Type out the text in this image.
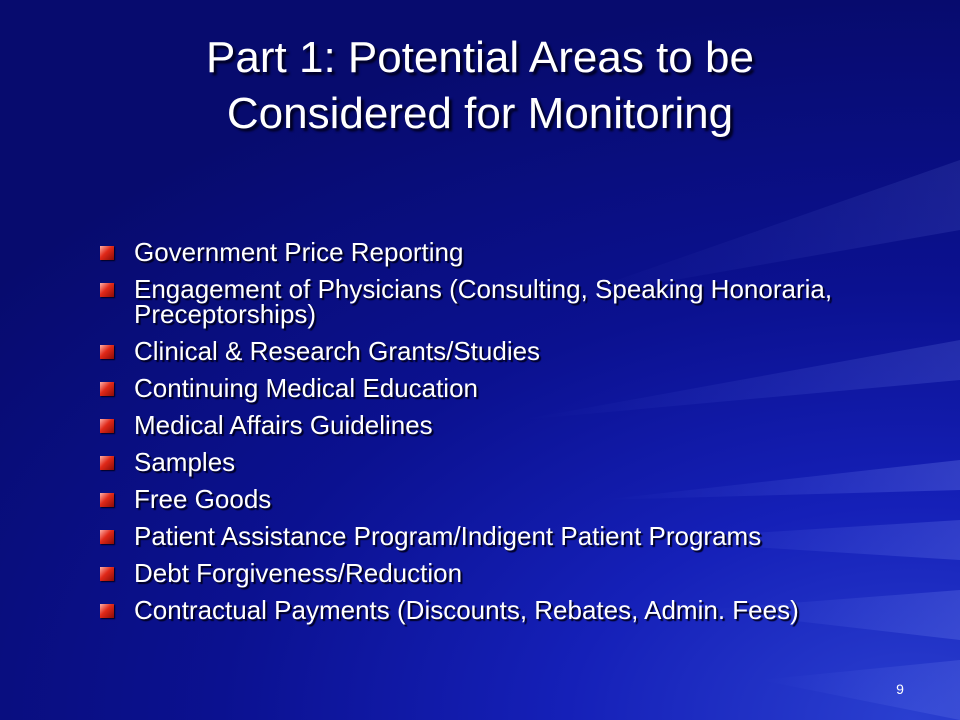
Part 1: Potential Areas to be
Considered for Monitoring
Government Price Reporting
Engagement of Physicians (Consulting, Speaking Honoraria, Preceptorships)
Clinical & Research Grants/Studies
Continuing Medical Education
Medical Affairs Guidelines
Samples
Free Goods
Patient Assistance Program/Indigent Patient Programs
Debt Forgiveness/Reduction
Contractual Payments (Discounts, Rebates, Admin. Fees)
9
